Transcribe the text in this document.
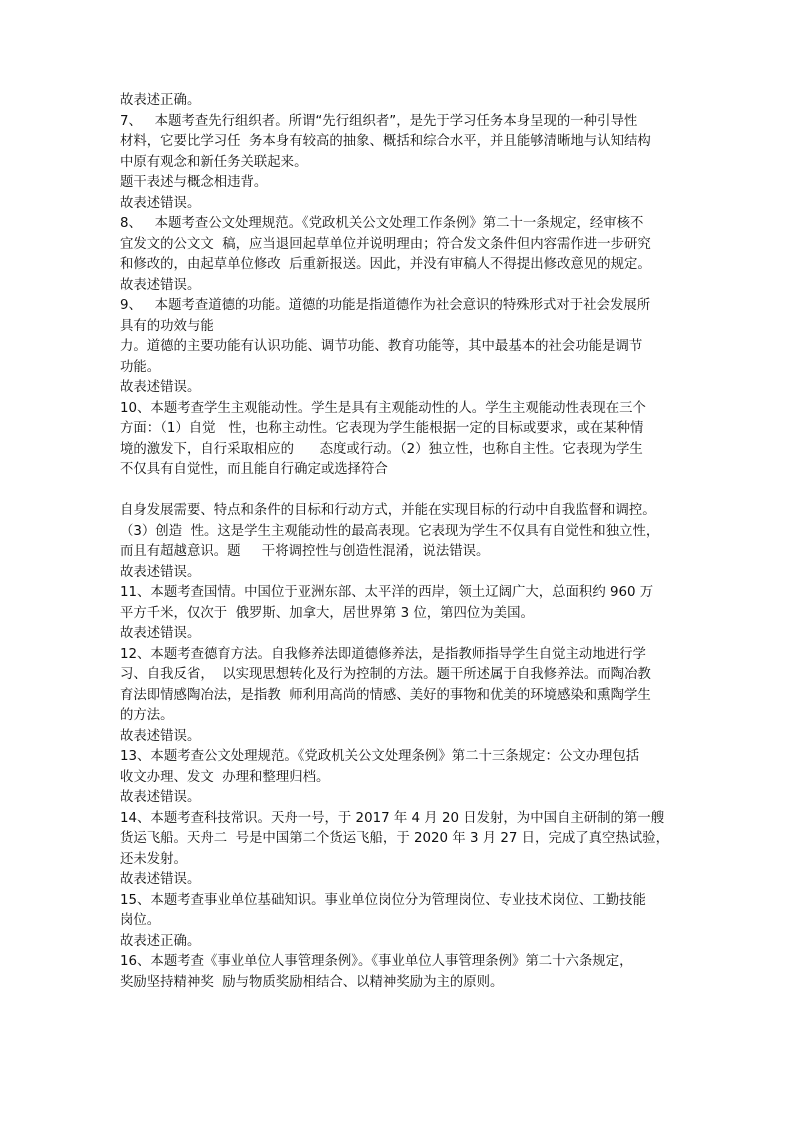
故表述正确。
7、   本题考查先行组织者。所谓“先行组织者”，是先于学习任务本身呈现的一种引导性
材料，它要比学习任  务本身有较高的抽象、概括和综合水平，并且能够清晰地与认知结构
中原有观念和新任务关联起来。
题干表述与概念相违背。
故表述错误。
8、   本题考查公文处理规范。《党政机关公文处理工作条例》第二十一条规定，经审核不
宜发文的公文文  稿，应当退回起草单位并说明理由；符合发文条件但内容需作进一步研究
和修改的，由起草单位修改  后重新报送。因此，并没有审稿人不得提出修改意见的规定。
故表述错误。
9、   本题考查道德的功能。道德的功能是指道德作为社会意识的特殊形式对于社会发展所
具有的功效与能
力。道德的主要功能有认识功能、调节功能、教育功能等，其中最基本的社会功能是调节
功能。
故表述错误。
10、本题考查学生主观能动性。学生是具有主观能动性的人。学生主观能动性表现在三个
方面：（1）自觉   性，也称主动性。它表现为学生能根据一定的目标或要求，或在某种情
境的激发下，自行采取相应的      态度或行动。（2）独立性，也称自主性。它表现为学生
不仅具有自觉性，而且能自行确定或选择符合
自身发展需要、特点和条件的目标和行动方式，并能在实现目标的行动中自我监督和调控。
（3）创造  性。这是学生主观能动性的最高表现。它表现为学生不仅具有自觉性和独立性，
而且有超越意识。题     干将调控性与创造性混淆，说法错误。
故表述错误。
11、本题考查国情。中国位于亚洲东部、太平洋的西岸，领土辽阔广大，总面积约 960 万
平方千米，仅次于  俄罗斯、加拿大，居世界第 3 位，第四位为美国。
故表述错误。
12、本题考查德育方法。自我修养法即道德修养法，是指教师指导学生自觉主动地进行学
习、自我反省，  以实现思想转化及行为控制的方法。题干所述属于自我修养法。而陶冶教
育法即情感陶冶法，是指教  师利用高尚的情感、美好的事物和优美的环境感染和熏陶学生
的方法。
故表述错误。
13、本题考查公文处理规范。《党政机关公文处理条例》第二十三条规定：公文办理包括
收文办理、发文  办理和整理归档。
故表述错误。
14、本题考查科技常识。天舟一号，于 2017 年 4 月 20 日发射，为中国自主研制的第一艘
货运飞船。天舟二  号是中国第二个货运飞船，于 2020 年 3 月 27 日，完成了真空热试验，
还未发射。
故表述错误。
15、本题考查事业单位基础知识。事业单位岗位分为管理岗位、专业技术岗位、工勤技能
岗位。
故表述正确。
16、本题考查《事业单位人事管理条例》。《事业单位人事管理条例》第二十六条规定，
奖励坚持精神奖  励与物质奖励相结合、以精神奖励为主的原则。
